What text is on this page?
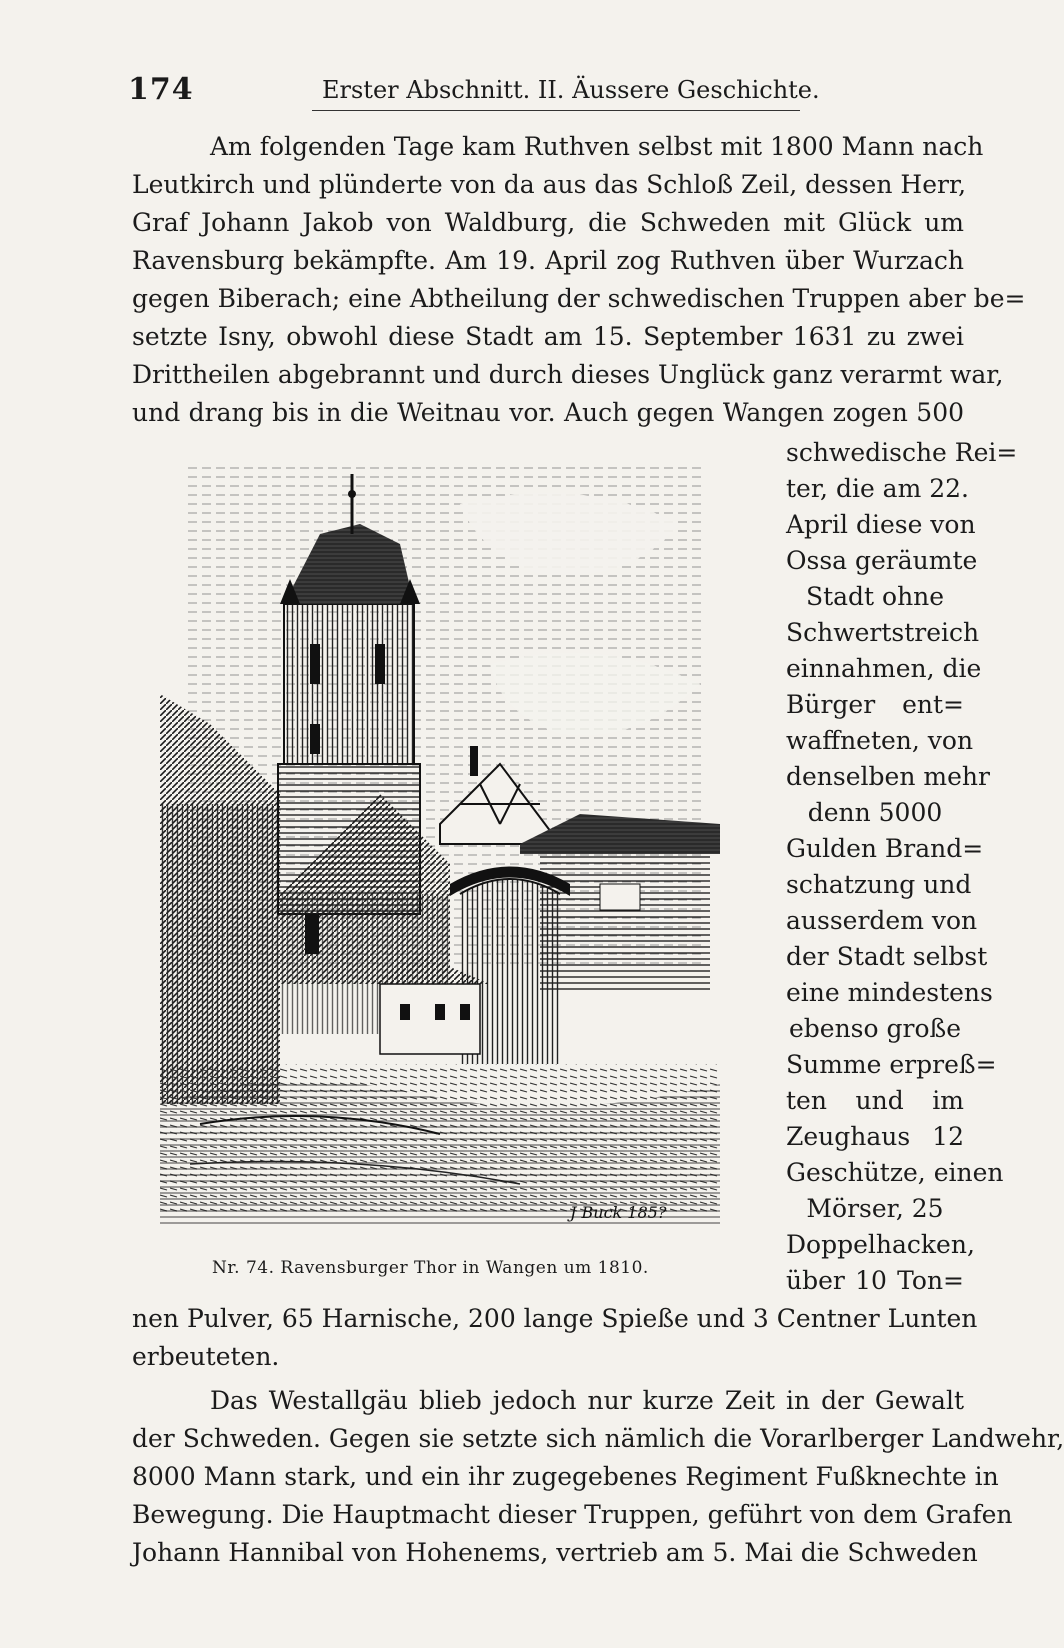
174	Erster Abschnitt. II. Äussere Geschichte.
Am folgenden Tage kam Ruthven selbst mit 1800 Mann nach
Leutkirch und plünderte von da aus das Schloß Zeil, dessen Herr,
Graf Johann Jakob von Waldburg, die Schweden mit Glück um
Ravensburg bekämpfte. Am 19. April zog Ruthven über Wurzach
gegen Biberach; eine Abtheilung der schwedischen Truppen aber be=
setzte Isny, obwohl diese Stadt am 15. September 1631 zu zwei
Drittheilen abgebrannt und durch dieses Unglück ganz verarmt war,
und drang bis in die Weitnau vor. Auch gegen Wangen zogen 500
schwedische Rei=
ter, die am 22.
April diese von
Ossa geräumte
Stadt ohne
Schwertstreich
einnahmen, die
Bürger ent=
waffneten, von
denselben mehr
denn 5000
Gulden Brand=
schatzung und
ausserdem von
der Stadt selbst
eine mindestens
ebenso große
Summe erpreß=
ten und im
Zeughaus 12
Geschütze, einen
Mörser, 25
Doppelhacken,
über 10 Ton=
nen Pulver, 65 Harnische, 200 lange Spieße und 3 Centner Lunten
erbeuteten.
Das Westallgäu blieb jedoch nur kurze Zeit in der Gewalt
der Schweden. Gegen sie setzte sich nämlich die Vorarlberger Landwehr,
8000 Mann stark, und ein ihr zugegebenes Regiment Fußknechte in
Bewegung. Die Hauptmacht dieser Truppen, geführt von dem Grafen
Johann Hannibal von Hohenems, vertrieb am 5. Mai die Schweden
J Buck 185?
Nr. 74. Ravensburger Thor in Wangen um 1810.
